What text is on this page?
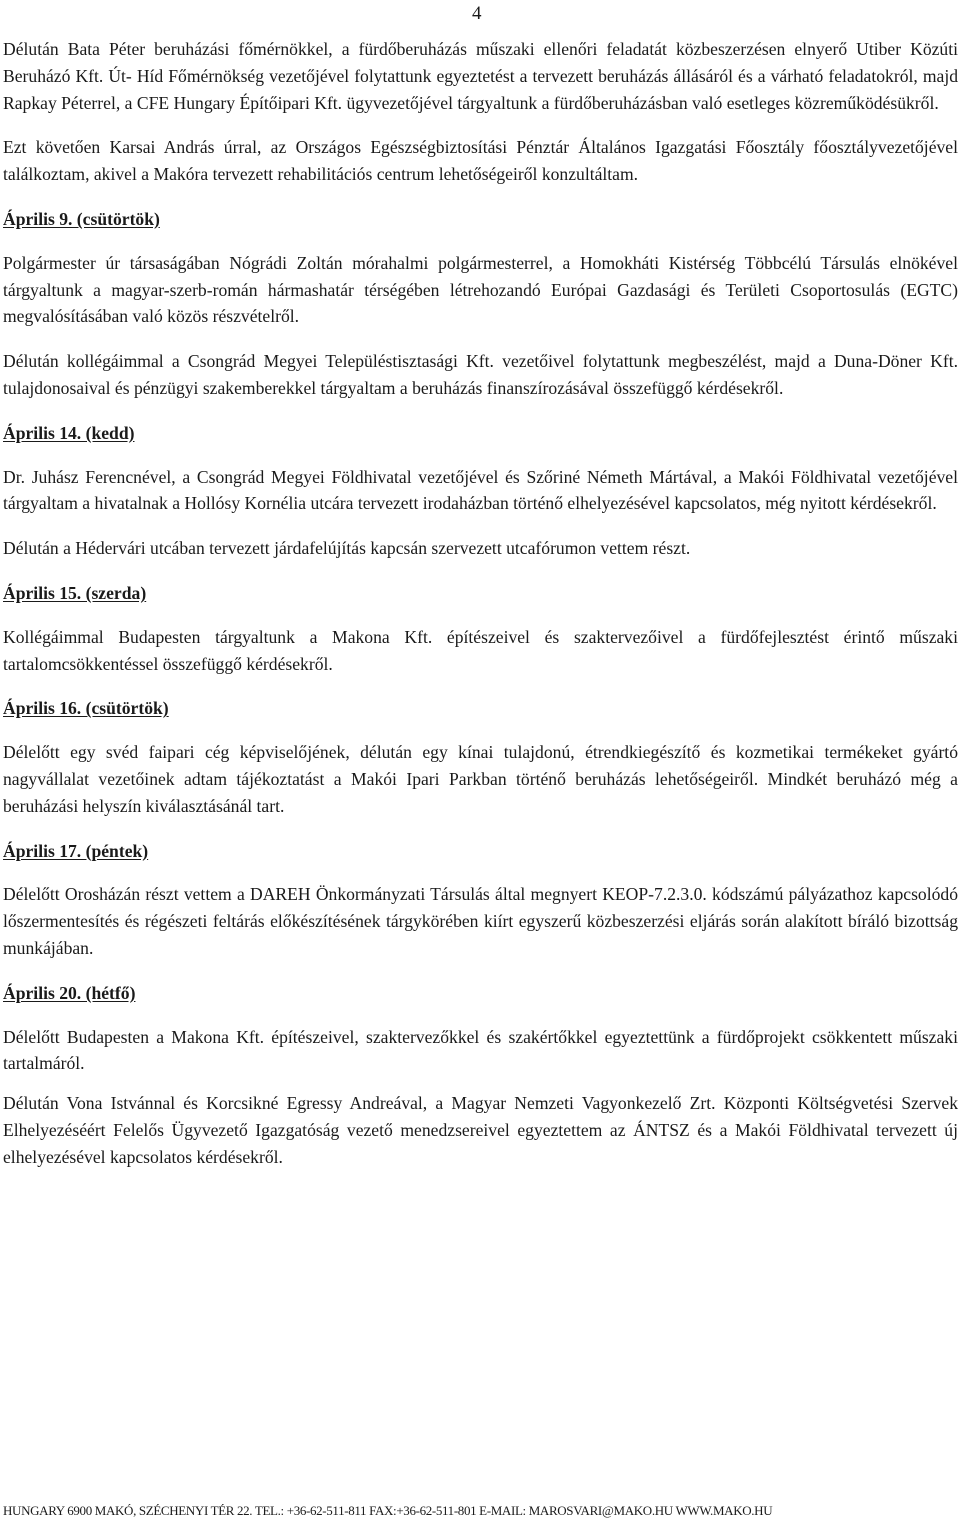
4
Délután Bata Péter beruházási főmérnökkel, a fürdőberuházás műszaki ellenőri feladatát közbeszerzésen elnyerő Utiber Közúti Beruházó Kft. Út- Híd Főmérnökség vezetőjével folytattunk egyeztetést a tervezett beruházás állásáról és a várható feladatokról, majd Rapkay Péterrel, a CFE Hungary Építőipari Kft. ügyvezetőjével tárgyaltunk a fürdőberuházásban való esetleges közreműködésükről.
Ezt követően Karsai András úrral, az Országos Egészségbiztosítási Pénztár Általános Igazgatási Főosztály főosztályvezetőjével találkoztam, akivel a Makóra tervezett rehabilitációs centrum lehetőségeiről konzultáltam.
Április 9. (csütörtök)
Polgármester úr társaságában Nógrádi Zoltán mórahalmi polgármesterrel, a Homokháti Kistérség Többcélú Társulás elnökével tárgyaltunk a magyar-szerb-román hármashatár térségében létrehozandó Európai Gazdasági és Területi Csoportosulás (EGTC) megvalósításában való közös részvételről.
Délután kollégáimmal a Csongrád Megyei Településtisztasági Kft. vezetőivel folytattunk megbeszélést, majd a Duna-Döner Kft. tulajdonosaival és pénzügyi szakemberekkel tárgyaltam a beruházás finanszírozásával összefüggő kérdésekről.
Április 14. (kedd)
Dr. Juhász Ferencnével, a Csongrád Megyei Földhivatal vezetőjével és Szőriné Németh Mártával, a Makói Földhivatal vezetőjével tárgyaltam a hivatalnak a Hollósy Kornélia utcára tervezett irodaházban történő elhelyezésével kapcsolatos, még nyitott kérdésekről.
Délután a Hédervári utcában tervezett járdafelújítás kapcsán szervezett utcafórumon vettem részt.
Április 15. (szerda)
Kollégáimmal Budapesten tárgyaltunk a Makona Kft. építészeivel és szaktervezőivel a fürdőfejlesztést érintő műszaki tartalomcsökkentéssel összefüggő kérdésekről.
Április 16. (csütörtök)
Délelőtt egy svéd faipari cég képviselőjének, délután egy kínai tulajdonú, étrendkiegészítő és kozmetikai termékeket gyártó nagyvállalat vezetőinek adtam tájékoztatást a Makói Ipari Parkban történő beruházás lehetőségeiről. Mindkét beruházó még a beruházási helyszín kiválasztásánál tart.
Április 17. (péntek)
Délelőtt Orosházán részt vettem a DAREH Önkormányzati Társulás által megnyert KEOP-7.2.3.0. kódszámú pályázathoz kapcsolódó lőszermentesítés és régészeti feltárás előkészítésének tárgykörében kiírt egyszerű közbeszerzési eljárás során alakított bíráló bizottság munkájában.
Április 20. (hétfő)
Délelőtt Budapesten a Makona Kft. építészeivel, szaktervezőkkel és szakértőkkel egyeztettünk a fürdőprojekt csökkentett műszaki tartalmáról.
Délután Vona Istvánnal és Korcsikné Egressy Andreával, a Magyar Nemzeti Vagyonkezelő Zrt. Központi Költségvetési Szervek Elhelyezéséért Felelős Ügyvezető Igazgatóság vezető menedzsereivel egyeztettem az ÁNTSZ és a Makói Földhivatal tervezett új elhelyezésével kapcsolatos kérdésekről.
HUNGARY 6900 MAKÓ, SZÉCHENYI TÉR 22. TEL.: +36-62-511-811 FAX:+36-62-511-801 E-MAIL: MAROSVARI@MAKO.HU WWW.MAKO.HU
